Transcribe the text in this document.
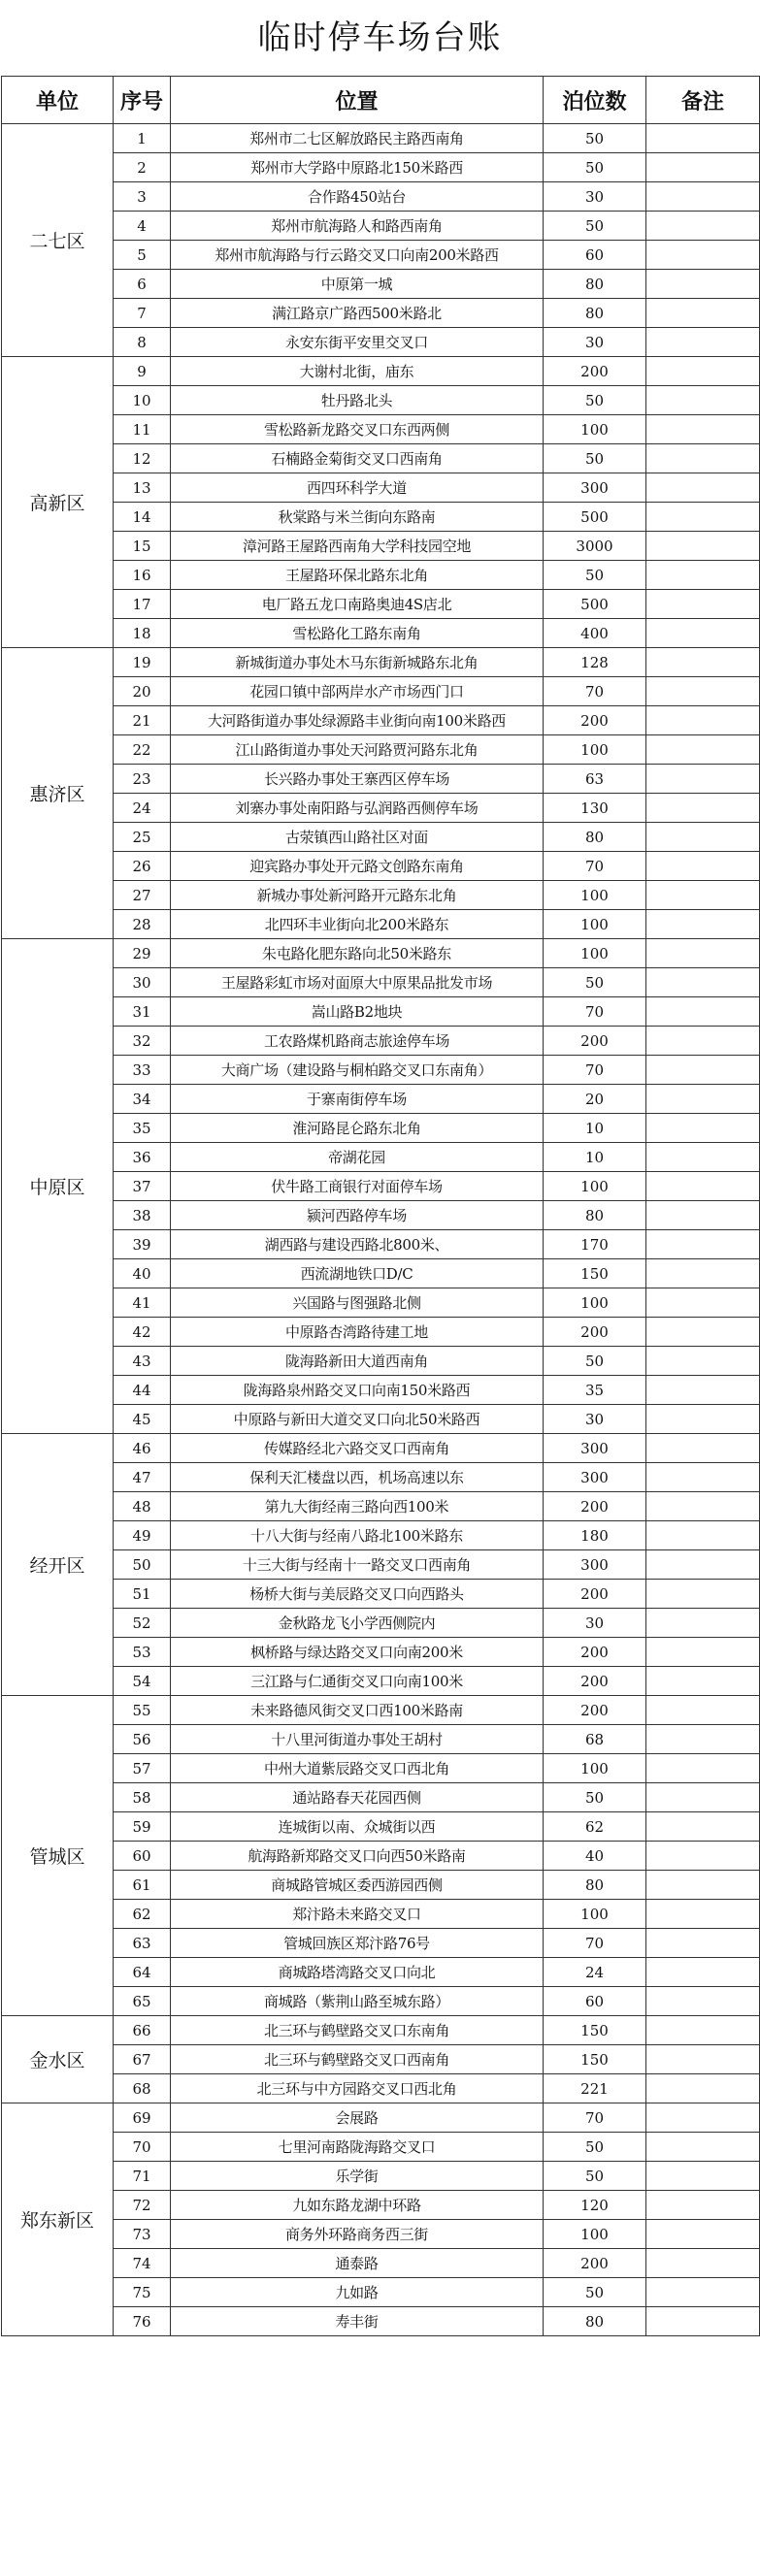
临时停车场台账
单位	序号	位置	泊位数	备注
二七区	1	郑州市二七区解放路民主路西南角	50	
	2	郑州市大学路中原路北150米路西	50	
	3	合作路450站台	30	
	4	郑州市航海路人和路西南角	50	
	5	郑州市航海路与行云路交叉口向南200米路西	60	
	6	中原第一城	80	
	7	满江路京广路西500米路北	80	
	8	永安东街平安里交叉口	30	
高新区	9	大谢村北街，庙东	200	
	10	牡丹路北头	50	
	11	雪松路新龙路交叉口东西两侧	100	
	12	石楠路金菊街交叉口西南角	50	
	13	西四环科学大道	300	
	14	秋棠路与米兰街向东路南	500	
	15	漳河路王屋路西南角大学科技园空地	3000	
	16	王屋路环保北路东北角	50	
	17	电厂路五龙口南路奥迪4S店北	500	
	18	雪松路化工路东南角	400	
惠济区	19	新城街道办事处木马东街新城路东北角	128	
	20	花园口镇中部两岸水产市场西门口	70	
	21	大河路街道办事处绿源路丰业街向南100米路西	200	
	22	江山路街道办事处天河路贾河路东北角	100	
	23	长兴路办事处王寨西区停车场	63	
	24	刘寨办事处南阳路与弘润路西侧停车场	130	
	25	古荥镇西山路社区对面	80	
	26	迎宾路办事处开元路文创路东南角	70	
	27	新城办事处新河路开元路东北角	100	
	28	北四环丰业街向北200米路东	100	
中原区	29	朱屯路化肥东路向北50米路东	100	
	30	王屋路彩虹市场对面原大中原果品批发市场	50	
	31	嵩山路B2地块	70	
	32	工农路煤机路商志旅途停车场	200	
	33	大商广场（建设路与桐柏路交叉口东南角）	70	
	34	于寨南街停车场	20	
	35	淮河路昆仑路东北角	10	
	36	帝湖花园	10	
	37	伏牛路工商银行对面停车场	100	
	38	颍河西路停车场	80	
	39	湖西路与建设西路北800米、	170	
	40	西流湖地铁口D/C	150	
	41	兴国路与图强路北侧	100	
	42	中原路杏湾路待建工地	200	
	43	陇海路新田大道西南角	50	
	44	陇海路泉州路交叉口向南150米路西	35	
	45	中原路与新田大道交叉口向北50米路西	30	
经开区	46	传媒路经北六路交叉口西南角	300	
	47	保利天汇楼盘以西，机场高速以东	300	
	48	第九大街经南三路向西100米	200	
	49	十八大街与经南八路北100米路东	180	
	50	十三大街与经南十一路交叉口西南角	300	
	51	杨桥大街与美辰路交叉口向西路头	200	
	52	金秋路龙飞小学西侧院内	30	
	53	枫桥路与绿达路交叉口向南200米	200	
	54	三江路与仁通街交叉口向南100米	200	
管城区	55	未来路德风街交叉口西100米路南	200	
	56	十八里河街道办事处王胡村	68	
	57	中州大道紫辰路交叉口西北角	100	
	58	通站路春天花园西侧	50	
	59	连城街以南、众城街以西	62	
	60	航海路新郑路交叉口向西50米路南	40	
	61	商城路管城区委西游园西侧	80	
	62	郑汴路未来路交叉口	100	
	63	管城回族区郑汴路76号	70	
	64	商城路塔湾路交叉口向北	24	
	65	商城路（紫荆山路至城东路）	60	
金水区	66	北三环与鹤壁路交叉口东南角	150	
	67	北三环与鹤壁路交叉口西南角	150	
	68	北三环与中方园路交叉口西北角	221	
郑东新区	69	会展路	70	
	70	七里河南路陇海路交叉口	50	
	71	乐学街	50	
	72	九如东路龙湖中环路	120	
	73	商务外环路商务西三街	100	
	74	通泰路	200	
	75	九如路	50	
	76	寿丰街	80	
